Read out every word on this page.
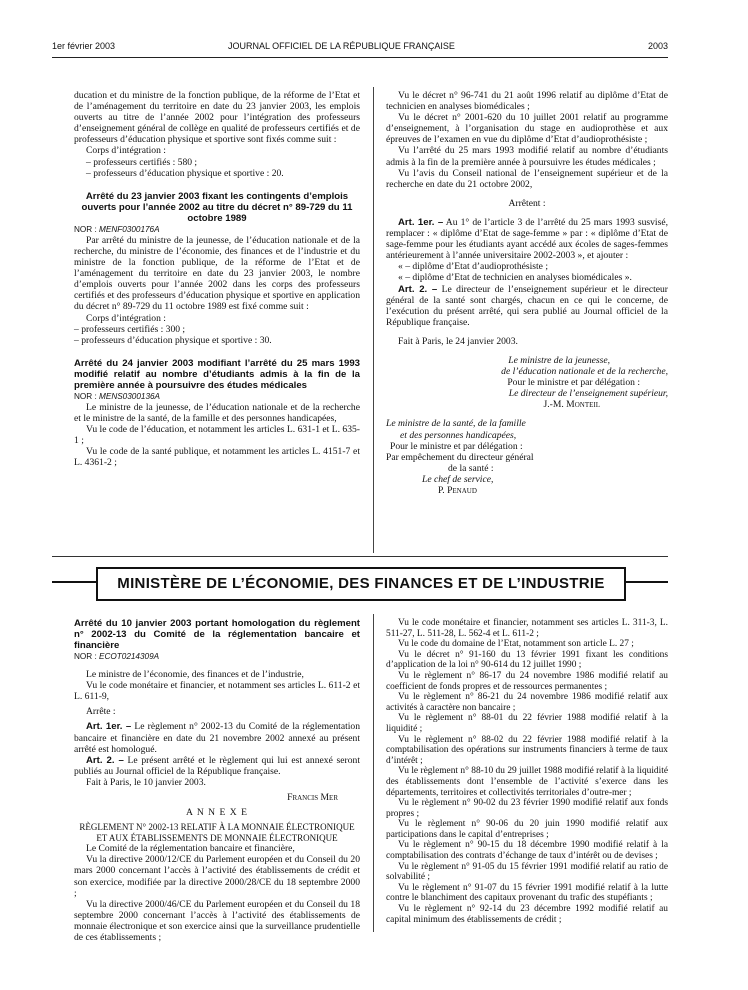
1er février 2003	JOURNAL OFFICIEL DE LA RÉPUBLIQUE FRANÇAISE	2003

ducation et du ministre de la fonction publique, de la réforme de l’Etat et de l’aménagement du territoire en date du 23 janvier 2003, les emplois ouverts au titre de l’année 2002 pour l’intégration des professeurs d’enseignement général de collège en qualité de professeurs certifiés et de professeurs d’éducation physique et sportive sont fixés comme suit :

Corps d’intégration :

– professeurs certifiés : 580 ;

– professeurs d’éducation physique et sportive : 20.

Arrêté du 23 janvier 2003 fixant les contingents d’emplois ouverts pour l’année 2002 au titre du décret n° 89-729 du 11 octobre 1989

NOR : MENF0300176A

Par arrêté du ministre de la jeunesse, de l’éducation nationale et de la recherche, du ministre de l’économie, des finances et de l’industrie et du ministre de la fonction publique, de la réforme de l’Etat et de l’aménagement du territoire en date du 23 janvier 2003, le nombre d’emplois ouverts pour l’année 2002 dans les corps des professeurs certifiés et des professeurs d’éducation physique et sportive en application du décret n° 89-729 du 11 octobre 1989 est fixé comme suit :

Corps d’intégration :

– professeurs certifiés : 300 ;

– professeurs d’éducation physique et sportive : 30.

Arrêté du 24 janvier 2003 modifiant l’arrêté du 25 mars 1993 modifié relatif au nombre d’étudiants admis à la fin de la première année à poursuivre des études médicales

NOR : MENS0300136A

Le ministre de la jeunesse, de l’éducation nationale et de la recherche et le ministre de la santé, de la famille et des personnes handicapées,

Vu le code de l’éducation, et notamment les articles L. 631-1 et L. 635-1 ;

Vu le code de la santé publique, et notamment les articles L. 4151-7 et L. 4361-2 ;

Vu le décret n° 96-741 du 21 août 1996 relatif au diplôme d’Etat de technicien en analyses biomédicales ;

Vu le décret n° 2001-620 du 10 juillet 2001 relatif au programme d’enseignement, à l’organisation du stage en audioprothèse et aux épreuves de l’examen en vue du diplôme d’Etat d’audioprothésiste ;

Vu l’arrêté du 25 mars 1993 modifié relatif au nombre d’étudiants admis à la fin de la première année à poursuivre les études médicales ;

Vu l’avis du Conseil national de l’enseignement supérieur et de la recherche en date du 21 octobre 2002,

Arrêtent :

Art. 1er. – Au 1° de l’article 3 de l’arrêté du 25 mars 1993 susvisé, remplacer : « diplôme d’Etat de sage-femme » par : « diplôme d’Etat de sage-femme pour les étudiants ayant accédé aux écoles de sages-femmes antérieurement à l’année universitaire 2002-2003 », et ajouter :

« – diplôme d’Etat d’audioprothésiste ;

« – diplôme d’Etat de technicien en analyses biomédicales ».

Art. 2. – Le directeur de l’enseignement supérieur et le directeur général de la santé sont chargés, chacun en ce qui le concerne, de l’exécution du présent arrêté, qui sera publié au Journal officiel de la République française.

Fait à Paris, le 24 janvier 2003.

Le ministre de la jeunesse,

de l’éducation nationale et de la recherche,

Pour le ministre et par délégation :

Le directeur de l’enseignement supérieur,

J.-M. Monteil

Le ministre de la santé, de la famille

et des personnes handicapées,

Pour le ministre et par délégation :

Par empêchement du directeur général

de la santé :

Le chef de service,

P. Penaud

MINISTÈRE DE L’ÉCONOMIE, DES FINANCES ET DE L’INDUSTRIE

Arrêté du 10 janvier 2003 portant homologation du règlement n° 2002-13 du Comité de la réglementation bancaire et financière

NOR : ECOT0214309A

Le ministre de l’économie, des finances et de l’industrie,

Vu le code monétaire et financier, et notamment ses articles L. 611-2 et L. 611-9,

Arrête :

Art. 1er. – Le règlement n° 2002-13 du Comité de la réglementation bancaire et financière en date du 21 novembre 2002 annexé au présent arrêté est homologué.

Art. 2. – Le présent arrêté et le règlement qui lui est annexé seront publiés au Journal officiel de la République française.

Fait à Paris, le 10 janvier 2003.

Francis Mer

A N N E X E

RÈGLEMENT N° 2002-13 RELATIF À LA MONNAIE ÉLECTRONIQUE ET AUX ÉTABLISSEMENTS DE MONNAIE ÉLECTRONIQUE

Le Comité de la réglementation bancaire et financière,

Vu la directive 2000/12/CE du Parlement européen et du Conseil du 20 mars 2000 concernant l’accès à l’activité des établissements de crédit et son exercice, modifiée par la directive 2000/28/CE du 18 septembre 2000 ;

Vu la directive 2000/46/CE du Parlement européen et du Conseil du 18 septembre 2000 concernant l’accès à l’activité des établissements de monnaie électronique et son exercice ainsi que la surveillance prudentielle de ces établissements ;

Vu le code monétaire et financier, notamment ses articles L. 311-3, L. 511-27, L. 511-28, L. 562-4 et L. 611-2 ;

Vu le code du domaine de l’Etat, notamment son article L. 27 ;

Vu le décret n° 91-160 du 13 février 1991 fixant les conditions d’application de la loi n° 90-614 du 12 juillet 1990 ;

Vu le règlement n° 86-17 du 24 novembre 1986 modifié relatif au coefficient de fonds propres et de ressources permanentes ;

Vu le règlement n° 86-21 du 24 novembre 1986 modifié relatif aux activités à caractère non bancaire ;

Vu le règlement n° 88-01 du 22 février 1988 modifié relatif à la liquidité ;

Vu le règlement n° 88-02 du 22 février 1988 modifié relatif à la comptabilisation des opérations sur instruments financiers à terme de taux d’intérêt ;

Vu le règlement n° 88-10 du 29 juillet 1988 modifié relatif à la liquidité des établissements dont l’ensemble de l’activité s’exerce dans les départements, territoires et collectivités territoriales d’outre-mer ;

Vu le règlement n° 90-02 du 23 février 1990 modifié relatif aux fonds propres ;

Vu le règlement n° 90-06 du 20 juin 1990 modifié relatif aux participations dans le capital d’entreprises ;

Vu le règlement n° 90-15 du 18 décembre 1990 modifié relatif à la comptabilisation des contrats d’échange de taux d’intérêt ou de devises ;

Vu le règlement n° 91-05 du 15 février 1991 modifié relatif au ratio de solvabilité ;

Vu le règlement n° 91-07 du 15 février 1991 modifié relatif à la lutte contre le blanchiment des capitaux provenant du trafic des stupéfiants ;

Vu le règlement n° 92-14 du 23 décembre 1992 modifié relatif au capital minimum des établissements de crédit ;
